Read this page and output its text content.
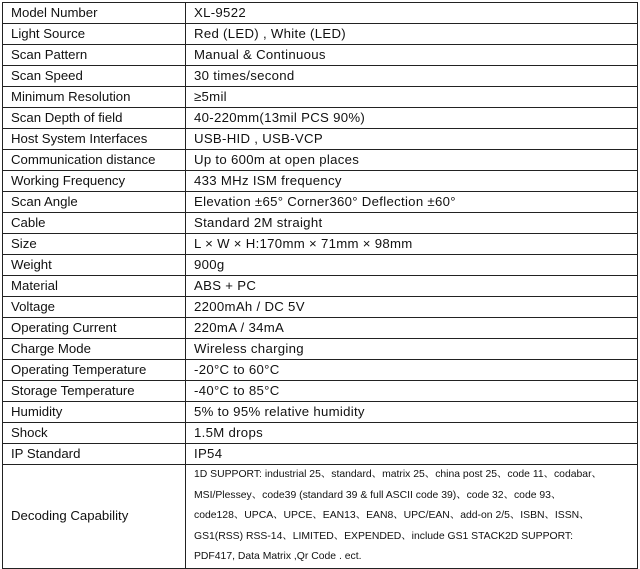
Model Number	XL-9522
Light Source	Red (LED) , White (LED)
Scan Pattern	Manual & Continuous
Scan Speed	30 times/second
Minimum Resolution	≥5mil
Scan Depth of field	40-220mm(13mil PCS 90%)
Host System Interfaces	USB-HID , USB-VCP
Communication distance	Up to 600m at open places
Working Frequency	433 MHz ISM frequency
Scan Angle	Elevation ±65° Corner360° Deflection ±60°
Cable	Standard 2M straight
Size	L × W × H:170mm × 71mm × 98mm
Weight	900g
Material	ABS + PC
Voltage	2200mAh / DC 5V
Operating Current	220mA / 34mA
Charge Mode	Wireless charging
Operating Temperature	-20°C to 60°C
Storage Temperature	-40°C to 85°C
Humidity	5% to 95% relative humidity
Shock	1.5M drops
IP Standard	IP54
Decoding Capability	1D SUPPORT: industrial 25、standard、matrix 25、china post 25、code 11、codabar、
MSI/Plessey、code39 (standard 39 & full ASCII code 39)、code 32、code 93、
code128、UPCA、UPCE、EAN13、EAN8、UPC/EAN、add-on 2/5、ISBN、ISSN、
GS1(RSS) RSS-14、LIMITED、EXPENDED、include GS1 STACK2D SUPPORT:
PDF417, Data Matrix ,Qr Code . ect.
